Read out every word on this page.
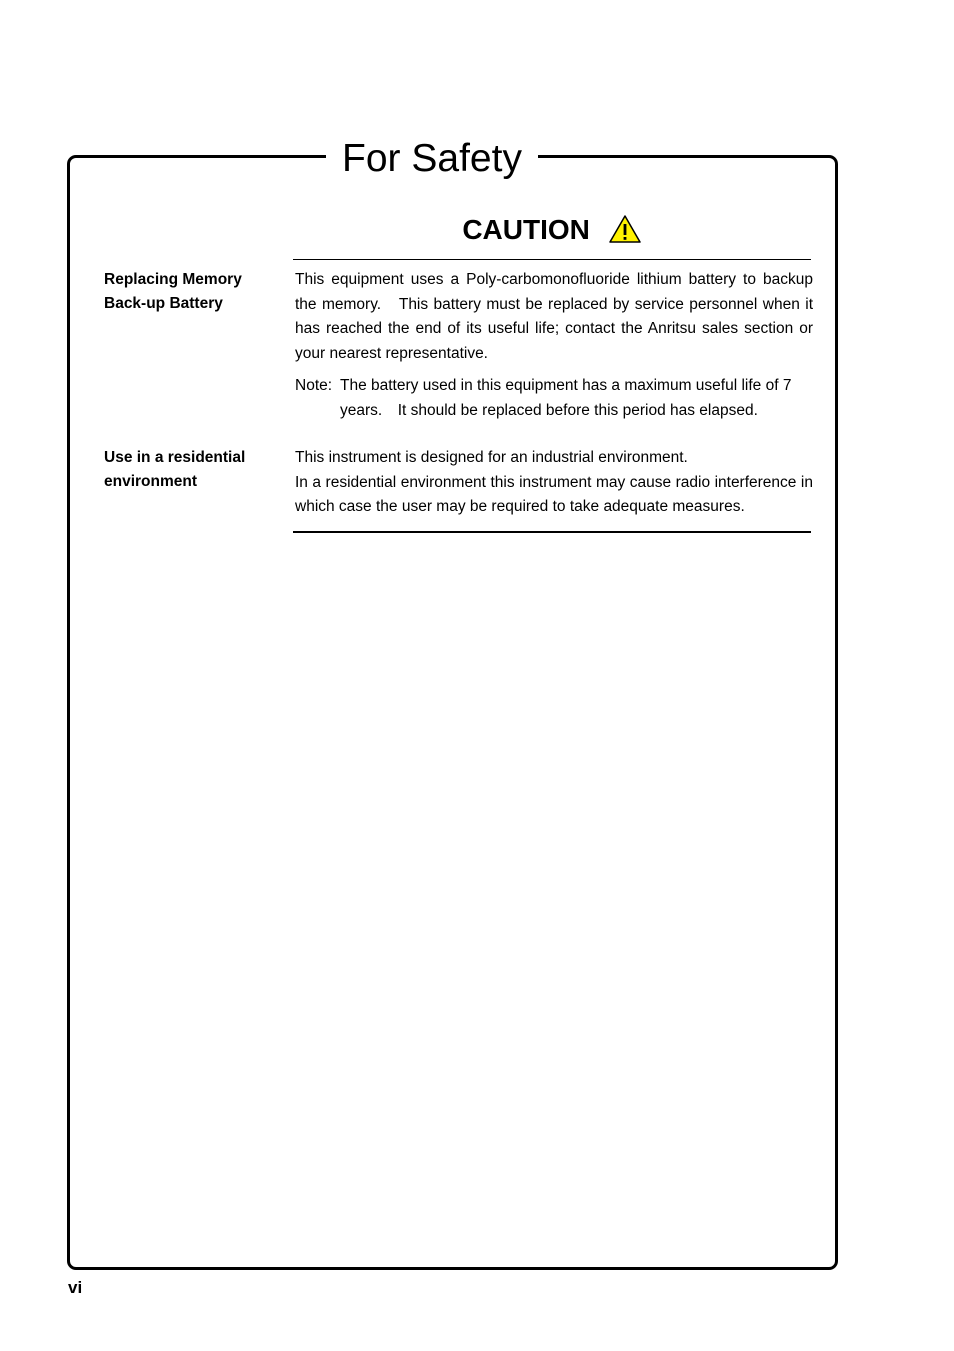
For Safety
CAUTION
Replacing Memory
Back-up Battery
This equipment uses a Poly-carbomonofluoride lithium battery to backup the memory.　This battery must be replaced by service personnel when it has reached the end of its useful life; contact the Anritsu sales section or your nearest representative.
Note: The battery used in this equipment has a maximum useful life of 7 years.　It should be replaced before this period has elapsed.
Use in a residential
environment
This instrument is designed for an industrial environment.
In a residential environment this instrument may cause radio interference in which case the user may be required to take adequate measures.
vi
